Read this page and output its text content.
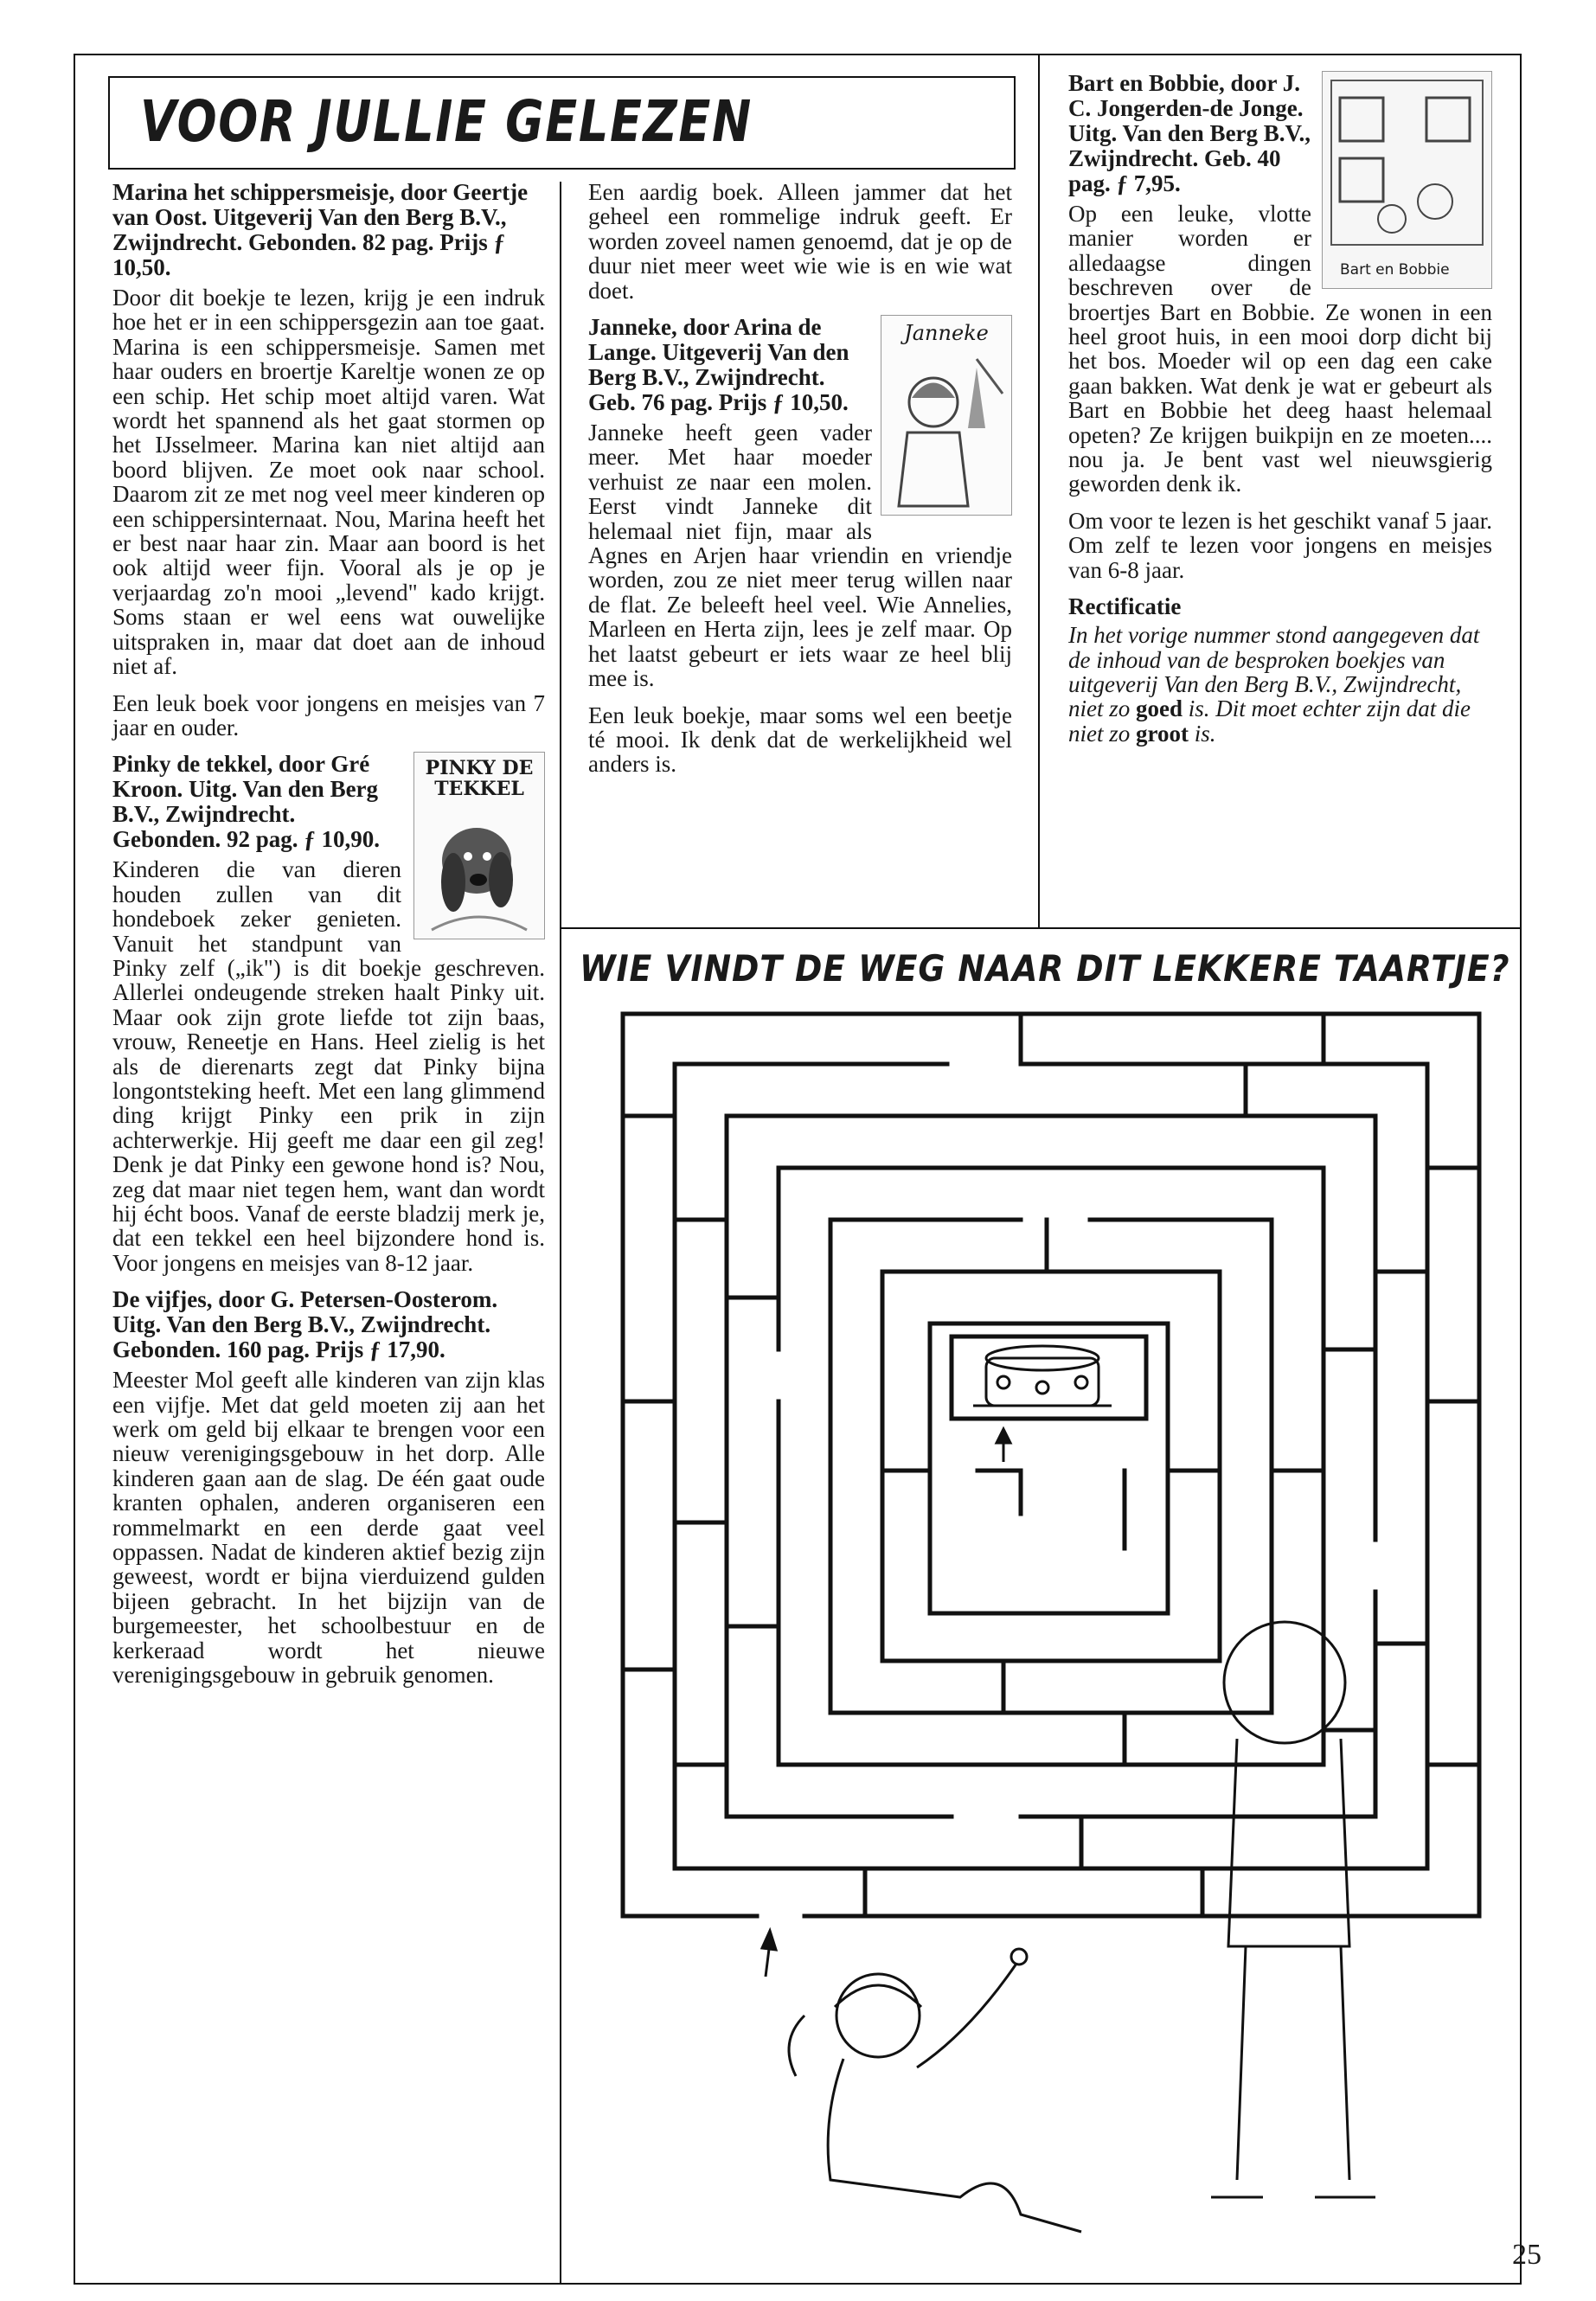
VOOR JULLIE GELEZEN

Marina het schippersmeisje, door Geertje van Oost. Uitgeverij Van den Berg B.V., Zwijndrecht. Gebonden. 82 pag. Prijs ƒ 10,50.

Door dit boekje te lezen, krijg je een indruk hoe het er in een schippersgezin aan toe gaat. Marina is een schippersmeisje. Samen met haar ouders en broertje Kareltje wonen ze op een schip. Het schip moet altijd varen. Wat wordt het spannend als het gaat stormen op het IJsselmeer. Marina kan niet altijd aan boord blijven. Ze moet ook naar school. Daarom zit ze met nog veel meer kinderen op een schippersinternaat. Nou, Marina heeft het er best naar haar zin. Maar aan boord is het ook altijd weer fijn. Vooral als je op je verjaardag zo'n mooi „levend" kado krijgt. Soms staan er wel eens wat ouwelijke uitspraken in, maar dat doet aan de inhoud niet af.

Een leuk boek voor jongens en meisjes van 7 jaar en ouder.

PINKY DE TEKKEL

Pinky de tekkel, door Gré Kroon. Uitg. Van den Berg B.V., Zwijndrecht. Gebonden. 92 pag. ƒ 10,90.

Kinderen die van dieren houden zullen van dit hondeboek zeker genieten. Vanuit het standpunt van Pinky zelf („ik") is dit boekje geschreven. Allerlei ondeugende streken haalt Pinky uit. Maar ook zijn grote liefde tot zijn baas, vrouw, Reneetje en Hans. Heel zielig is het als de dierenarts zegt dat Pinky bijna longontsteking heeft. Met een lang glimmend ding krijgt Pinky een prik in zijn achterwerkje. Hij geeft me daar een gil zeg! Denk je dat Pinky een gewone hond is? Nou, zeg dat maar niet tegen hem, want dan wordt hij écht boos. Vanaf de eerste bladzij merk je, dat een tekkel een heel bijzondere hond is. Voor jongens en meisjes van 8-12 jaar.

De vijfjes, door G. Petersen-Oosterom. Uitg. Van den Berg B.V., Zwijndrecht. Gebonden. 160 pag. Prijs ƒ 17,90.

Meester Mol geeft alle kinderen van zijn klas een vijfje. Met dat geld moeten zij aan het werk om geld bij elkaar te brengen voor een nieuw verenigingsgebouw in het dorp. Alle kinderen gaan aan de slag. De één gaat oude kranten ophalen, anderen organiseren een rommelmarkt en een derde gaat veel oppassen. Nadat de kinderen aktief bezig zijn geweest, wordt er bijna vierduizend gulden bijeen gebracht. In het bijzijn van de burgemeester, het schoolbestuur en de kerkeraad wordt het nieuwe verenigingsgebouw in gebruik genomen.

Een aardig boek. Alleen jammer dat het geheel een rommelige indruk geeft. Er worden zoveel namen genoemd, dat je op de duur niet meer weet wie wie is en wie wat doet.

Janneke

Janneke, door Arina de Lange. Uitgeverij Van den Berg B.V., Zwijndrecht. Geb. 76 pag. Prijs ƒ 10,50.

Janneke heeft geen vader meer. Met haar moeder verhuist ze naar een molen. Eerst vindt Janneke dit helemaal niet fijn, maar als Agnes en Arjen haar vriendin en vriendje worden, zou ze niet meer terug willen naar de flat. Ze beleeft heel veel. Wie Annelies, Marleen en Herta zijn, lees je zelf maar. Op het laatst gebeurt er iets waar ze heel blij mee is.

Een leuk boekje, maar soms wel een beetje té mooi. Ik denk dat de werkelijkheid wel anders is.

Bart en Bobbie

Bart en Bobbie, door J. C. Jongerden-de Jonge. Uitg. Van den Berg B.V., Zwijndrecht. Geb. 40 pag. ƒ 7,95.

Op een leuke, vlotte manier worden er alledaagse dingen beschreven over de broertjes Bart en Bobbie. Ze wonen in een heel groot huis, in een mooi dorp dicht bij het bos. Moeder wil op een dag een cake gaan bakken. Wat denk je wat er gebeurt als Bart en Bobbie het deeg haast helemaal opeten? Ze krijgen buikpijn en ze moeten.... nou ja. Je bent vast wel nieuwsgierig geworden denk ik.

Om voor te lezen is het geschikt vanaf 5 jaar. Om zelf te lezen voor jongens en meisjes van 6-8 jaar.

Rectificatie

In het vorige nummer stond aangegeven dat de inhoud van de besproken boekjes van uitgeverij Van den Berg B.V., Zwijndrecht, niet zo goed is. Dit moet echter zijn dat die niet zo groot is.

WIE VINDT DE WEG NAAR DIT LEKKERE TAARTJE?
25
